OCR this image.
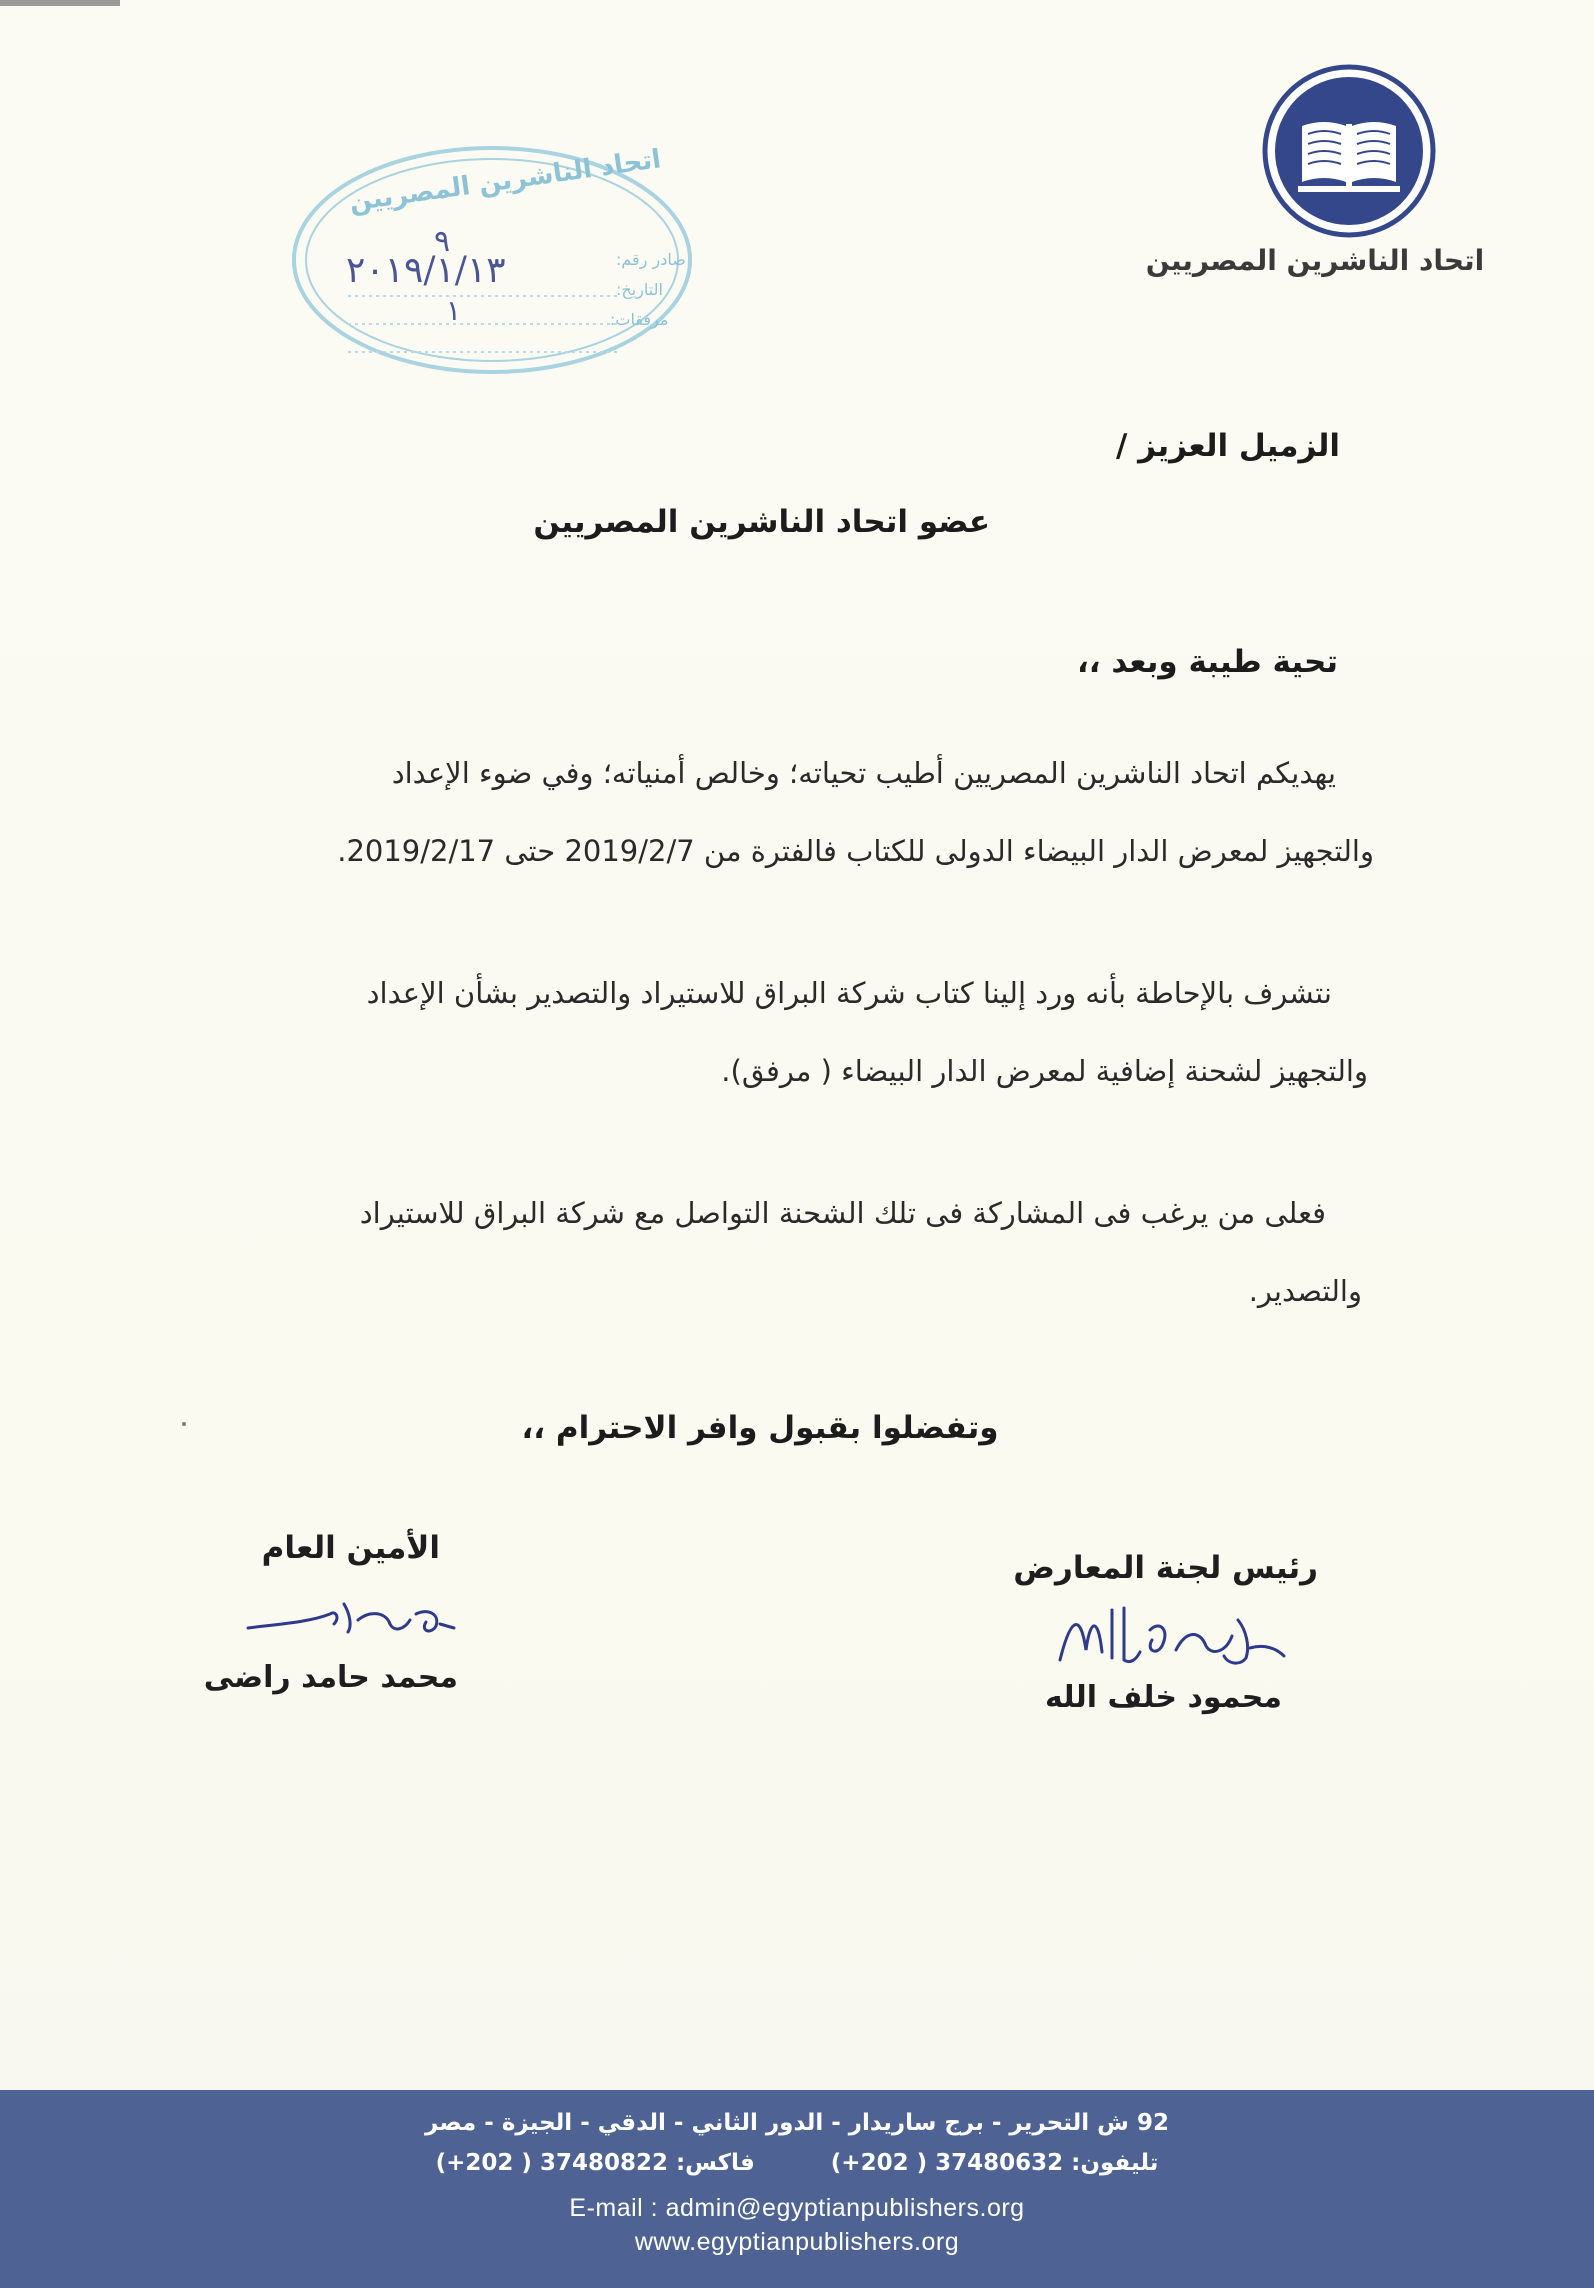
اتحاد الناشرين المصريين
اتحاد الناشرين المصريين
صادر رقم:
التاريخ:
مرفقات:
٩
٢٠١٩/١/١٣
١
الزميل العزيز /
عضو اتحاد الناشرين المصريين
تحية طيبة وبعد ،،
يهديكم اتحاد الناشرين المصريين أطيب تحياته؛ وخالص أمنياته؛ وفي ضوء الإعداد
والتجهيز لمعرض الدار البيضاء الدولى للكتاب فالفترة من 2019/2/7 حتى 2019/2/17.
نتشرف بالإحاطة بأنه ورد إلينا كتاب شركة البراق للاستيراد والتصدير بشأن الإعداد
والتجهيز لشحنة إضافية لمعرض الدار البيضاء ( مرفق).
فعلى من يرغب فى المشاركة فى تلك الشحنة التواصل مع شركة البراق للاستيراد
والتصدير.
وتفضلوا بقبول وافر الاحترام ،،
رئيس لجنة المعارض
محمود خلف الله
الأمين العام
محمد حامد راضى
92 ش التحرير - برج ساريدار - الدور الثاني - الدقي - الجيزة - مصر
تليفون: 37480632 ( 202+)  فاكس: 37480822 ( 202+)
E-mail : admin@egyptianpublishers.org
www.egyptianpublishers.org
